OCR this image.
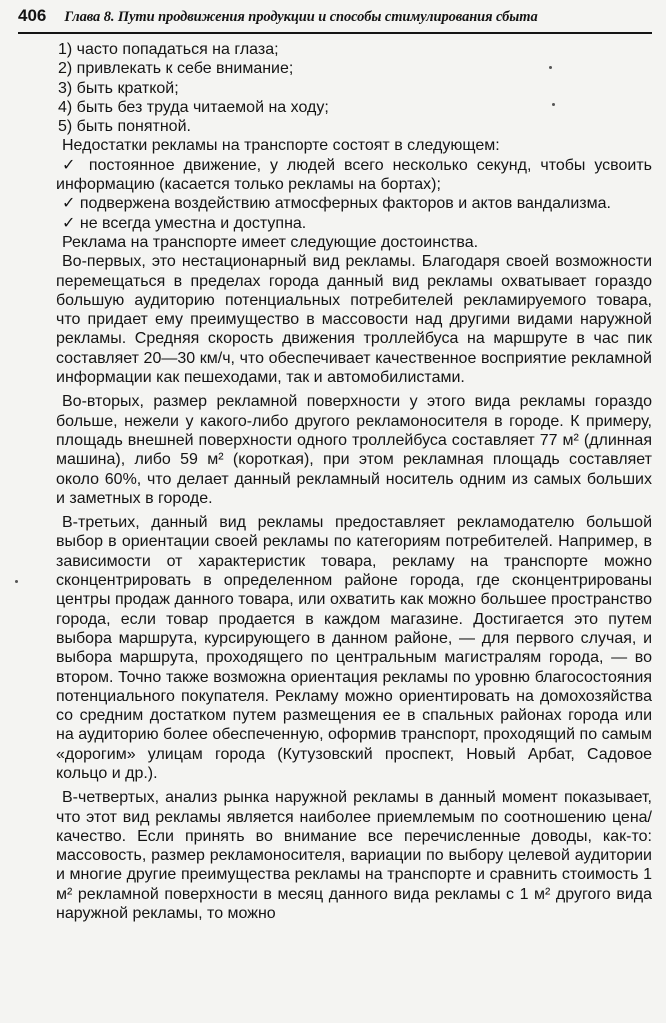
406 Глава 8. Пути продвижения продукции и способы стимулирования сбыта

1) часто попадаться на глаза;

2) привлекать к себе внимание;

3) быть краткой;

4) быть без труда читаемой на ходу;

5) быть понятной.

Недостатки рекламы на транспорте состоят в следующем:

✓ постоянное движение, у людей всего несколько секунд, чтобы усвоить информацию (касается только рекламы на бортах);

✓ подвержена воздействию атмосферных факторов и актов вандализма.

✓ не всегда уместна и доступна.

Реклама на транспорте имеет следующие достоинства.

Во-первых, это нестационарный вид рекламы. Благодаря своей возможности перемещаться в пределах города данный вид рекламы охватывает гораздо большую аудиторию потенциальных потребителей рекламируемого товара, что придает ему преимущество в массовости над другими видами наружной рекламы. Средняя скорость движения троллейбуса на маршруте в час пик составляет 20—30 км/ч, что обеспечивает качественное восприятие рекламной информации как пешеходами, так и автомобилистами.

Во-вторых, размер рекламной поверхности у этого вида рекламы гораздо больше, нежели у какого-либо другого рекламоносителя в городе. К примеру, площадь внешней поверхности одного троллейбуса составляет 77 м² (длинная машина), либо 59 м² (короткая), при этом рекламная площадь составляет около 60%, что делает данный рекламный носитель одним из самых больших и заметных в городе.

В-третьих, данный вид рекламы предоставляет рекламодателю большой выбор в ориентации своей рекламы по категориям потребителей. Например, в зависимости от характеристик товара, рекламу на транспорте можно сконцентрировать в определенном районе города, где сконцентрированы центры продаж данного товара, или охватить как можно большее пространство города, если товар продается в каждом магазине. Достигается это путем выбора маршрута, курсирующего в данном районе, — для первого случая, и выбора маршрута, проходящего по центральным магистралям города, — во втором. Точно также возможна ориентация рекламы по уровню благосостояния потенциального покупателя. Рекламу можно ориентировать на домохозяйства со средним достатком путем размещения ее в спальных районах города или на аудиторию более обеспеченную, оформив транспорт, проходящий по самым «дорогим» улицам города (Кутузовский проспект, Новый Арбат, Садовое кольцо и др.).

В-четвертых, анализ рынка наружной рекламы в данный момент показывает, что этот вид рекламы является наиболее приемлемым по соотношению цена/качество. Если принять во внимание все перечисленные доводы, как-то: массовость, размер рекламоносителя, вариации по выбору целевой аудитории и многие другие преимущества рекламы на транспорте и сравнить стоимость 1 м² рекламной поверхности в месяц данного вида рекламы с 1 м² другого вида наружной рекламы, то можно
